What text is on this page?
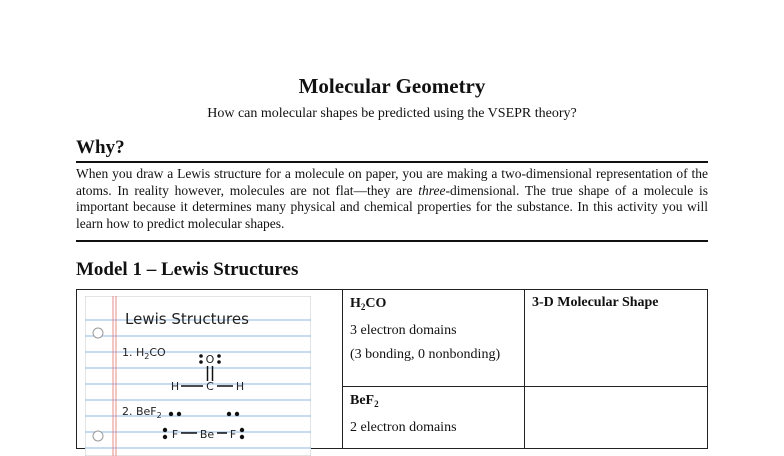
Molecular Geometry
How can molecular shapes be predicted using the VSEPR theory?
Why?
When you draw a Lewis structure for a molecule on paper, you are making a two-dimensional representation of the atoms. In reality however, molecules are not flat—they are three-dimensional. The true shape of a molecule is important because it determines many physical and chemical properties for the substance. In this activity you will learn how to predict molecular shapes.
Model 1 – Lewis Structures
Lewis Structures
1. $H_2CO$
O
H C H
2. BeF$_2$
F Be F
$H_2CO$
3 electron domains
(3 bonding, 0 nonbonding)
3-D Molecular Shape
BeF$_2$
2 electron domains
